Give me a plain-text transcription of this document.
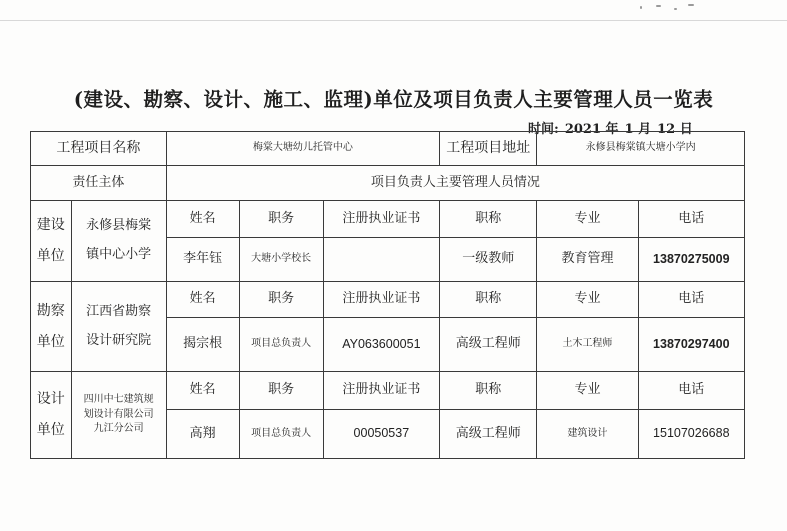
(建设、勘察、设计、施工、监理)单位及项目负责人主要管理人员一览表
时间: 2021 年 1 月 12 日
工程项目名称		梅棠大塘幼儿托管中心			工程项目地址	永修县梅棠镇大塘小学内	
责任主体		项目负责人主要管理人员情况					
建设
单位	永修县梅棠
镇中心小学	姓名	职务	注册执业证书	职称	专业	电话
		李年钰	大塘小学校长		一级教师	教育管理	13870275009
勘察
单位	江西省勘察
设计研究院	姓名	职务	注册执业证书	职称	专业	电话
		揭宗根	项目总负责人	AY063600051	高级工程师	土木工程师	13870297400
设计
单位	四川中七建筑规
划设计有限公司
九江分公司	姓名	职务	注册执业证书	职称	专业	电话
		高翔	项目总负责人	00050537	高级工程师	建筑设计	15107026688
